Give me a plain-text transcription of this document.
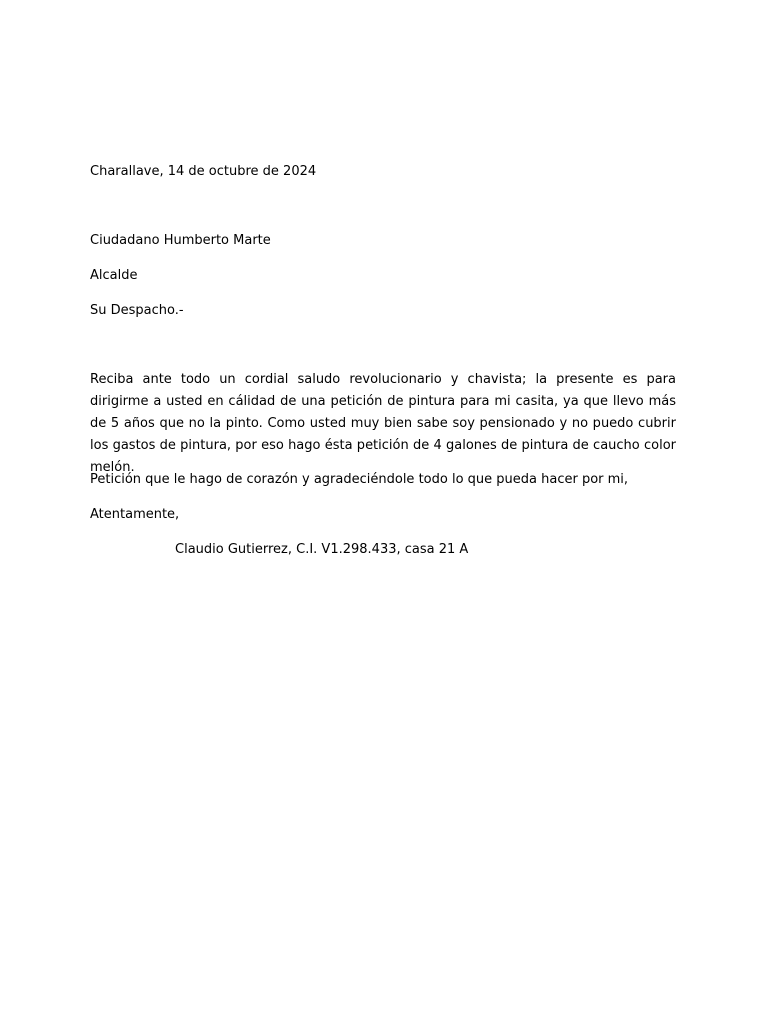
Charallave, 14 de octubre de 2024

Ciudadano Humberto Marte

Alcalde

Su Despacho.-

Reciba ante todo un cordial saludo revolucionario y chavista; la presente es para dirigirme a usted en cálidad de una petición de pintura para mi casita, ya que llevo más de 5 años que no la pinto. Como usted muy bien sabe soy pensionado y no puedo cubrir los gastos de pintura, por eso hago ésta petición de 4 galones de pintura de caucho color melón.

Petición que le hago de corazón y agradeciéndole todo lo que pueda hacer por mi,

Atentamente,

Claudio Gutierrez, C.I. V1.298.433, casa 21 A
